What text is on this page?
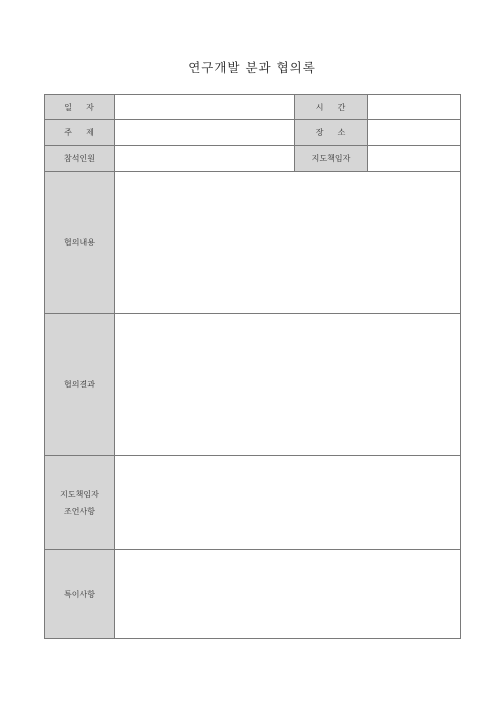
연구개발 분과 협의록
일    자		시    간	
주    제		장    소	
참석인원		지도책임자	
협의내용			
협의결과			

지도책임자
조언사항			

특이사항			
